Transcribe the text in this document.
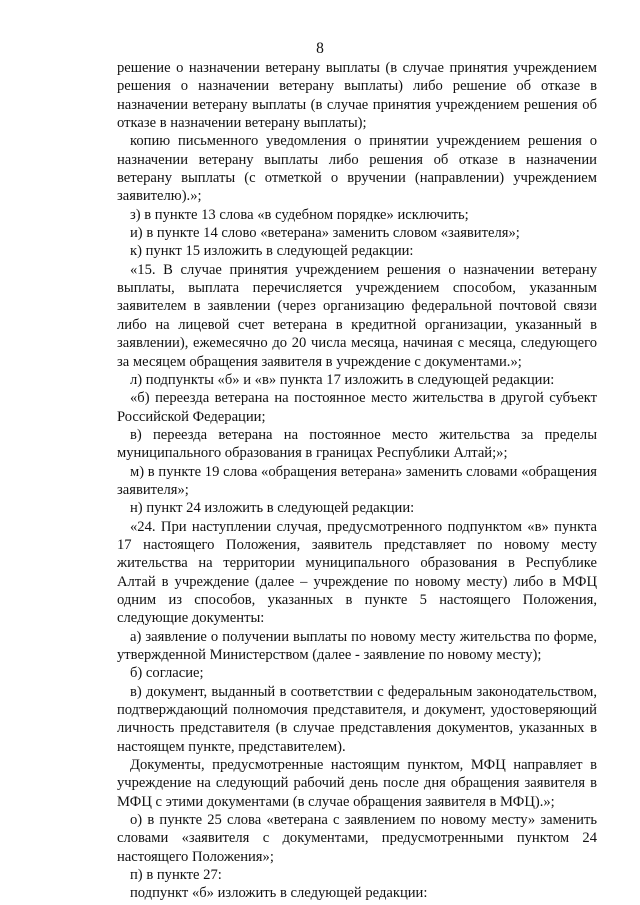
8

решение о назначении ветерану выплаты (в случае принятия учреждением решения о назначении ветерану выплаты) либо решение об отказе в назначении ветерану выплаты (в случае принятия учреждением решения об отказе в назначении ветерану выплаты);

копию письменного уведомления о принятии учреждением решения о назначении ветерану выплаты либо решения об отказе в назначении ветерану выплаты (с отметкой о вручении (направлении) учреждением заявителю).»;

з) в пункте 13 слова «в судебном порядке» исключить;

и) в пункте 14 слово «ветерана» заменить словом «заявителя»;

к) пункт 15 изложить в следующей редакции:

«15. В случае принятия учреждением решения о назначении ветерану выплаты, выплата перечисляется учреждением способом, указанным заявителем в заявлении (через организацию федеральной почтовой связи либо на лицевой счет ветерана в кредитной организации, указанный в заявлении), ежемесячно до 20 числа месяца, начиная с месяца, следующего за месяцем обращения заявителя в учреждение с документами.»;

л) подпункты «б» и «в» пункта 17 изложить в следующей редакции:

«б) переезда ветерана на постоянное место жительства в другой субъект Российской Федерации;

в) переезда ветерана на постоянное место жительства за пределы муниципального образования в границах Республики Алтай;»;

м) в пункте 19 слова «обращения ветерана» заменить словами «обращения заявителя»;

н) пункт 24 изложить в следующей редакции:

«24. При наступлении случая, предусмотренного подпунктом «в» пункта 17 настоящего Положения, заявитель представляет по новому месту жительства на территории муниципального образования в Республике Алтай в учреждение (далее – учреждение по новому месту) либо в МФЦ одним из способов, указанных в пункте 5 настоящего Положения, следующие документы:

а) заявление о получении выплаты по новому месту жительства по форме, утвержденной Министерством (далее - заявление по новому месту);

б) согласие;

в) документ, выданный в соответствии с федеральным законодательством, подтверждающий полномочия представителя, и документ, удостоверяющий личность представителя (в случае представления документов, указанных в настоящем пункте, представителем).

Документы, предусмотренные настоящим пунктом, МФЦ направляет в учреждение на следующий рабочий день после дня обращения заявителя в МФЦ с этими документами (в случае обращения заявителя в МФЦ).»;

о) в пункте 25 слова «ветерана с заявлением по новому месту» заменить словами «заявителя с документами, предусмотренными пунктом 24 настоящего Положения»;

п) в пункте 27:

подпункт «б» изложить в следующей редакции:
